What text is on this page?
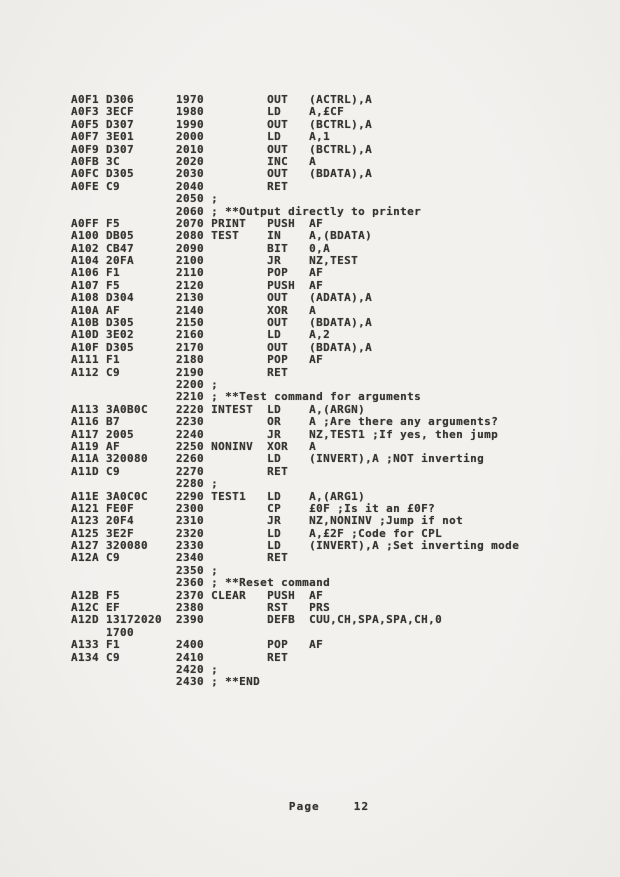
A0F1 D306      1970	OUT   (ACTRL),A
A0F3 3ECF      1980	LD    A,£CF
A0F5 D307      1990	OUT   (BCTRL),A
A0F7 3E01      2000	LD    A,1
A0F9 D307      2010	OUT   (BCTRL),A
A0FB 3C        2020	INC   A
A0FC D305      2030	OUT   (BDATA),A
A0FE C9        2040	RET
2050 ;
2060 ; **Output directly to printer
A0FF F5        2070 PRINT   PUSH  AF
A100 DB05      2080 TEST    IN    A,(BDATA)
A102 CB47      2090	BIT   0,A
A104 20FA      2100	JR    NZ,TEST
A106 F1        2110	POP   AF
A107 F5        2120	PUSH  AF
A108 D304      2130	OUT   (ADATA),A
A10A AF        2140	XOR   A
A10B D305      2150	OUT   (BDATA),A
A10D 3E02      2160	LD    A,2
A10F D305      2170	OUT   (BDATA),A
A111 F1        2180	POP   AF
A112 C9        2190	RET
2200 ;
2210 ; **Test command for arguments
A113 3A0B0C    2220 INTEST  LD    A,(ARGN)
A116 B7        2230	OR    A ;Are there any arguments?
A117 2005      2240	JR    NZ,TEST1 ;If yes, then jump
A119 AF        2250 NONINV  XOR   A
A11A 320080    2260	LD    (INVERT),A ;NOT inverting
A11D C9        2270	RET
2280 ;
A11E 3A0C0C    2290 TEST1   LD    A,(ARG1)
A121 FE0F      2300	CP    £0F ;Is it an £0F?
A123 20F4      2310	JR    NZ,NONINV ;Jump if not
A125 3E2F      2320	LD    A,£2F ;Code for CPL
A127 320080    2330	LD    (INVERT),A ;Set inverting mode
A12A C9        2340	RET
2350 ;
2360 ; **Reset command
A12B F5        2370 CLEAR   PUSH  AF
A12C EF        2380	RST   PRS
A12D 13172020  2390	DEFB  CUU,CH,SPA,SPA,CH,0
1700
A133 F1        2400	POP   AF
A134 C9        2410	RET
2420 ;
2430 ; **END

Page	12
